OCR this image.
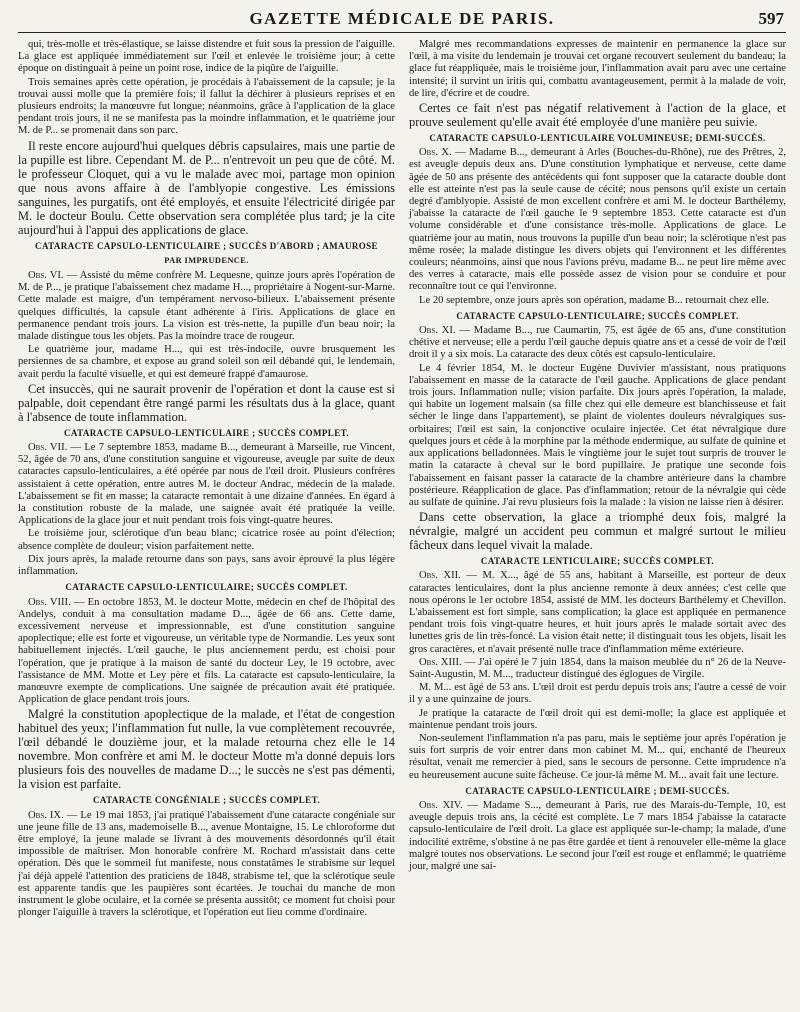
GAZETTE MÉDICALE DE PARIS.	597

qui, très-molle et très-élastique, se laisse distendre et fuit sous la pression de l'aiguille. La glace est appliquée immédiatement sur l'œil et enlevée le troisième jour; à cette époque on distinguait à peine un point rose, indice de la piqûre de l'aiguille.

Trois semaines après cette opération, je procédais à l'abaissement de la capsule; je la trouvai aussi molle que la première fois; il fallut la déchirer à plusieurs reprises et en plusieurs endroits; la manœuvre fut longue; néanmoins, grâce à l'application de la glace pendant trois jours, il ne se manifesta pas la moindre inflammation, et le quatrième jour M. de P... se promenait dans son parc.

Il reste encore aujourd'hui quelques débris capsulaires, mais une partie de la pupille est libre. Cependant M. de P... n'entrevoit un peu que de côté. M. le professeur Cloquet, qui a vu le malade avec moi, partage mon opinion que nous avons affaire à de l'amblyopie congestive. Les émissions sanguines, les purgatifs, ont été employés, et ensuite l'électricité dirigée par M. le docteur Boulu. Cette observation sera complétée plus tard; je la cite aujourd'hui à l'appui des applications de glace.

CATARACTE CAPSULO-LENTICULAIRE ; SUCCÈS D'ABORD ; AMAUROSE
PAR IMPRUDENCE.

Obs. VI. — Assisté du même confrère M. Lequesne, quinze jours après l'opération de M. de P..., je pratique l'abaissement chez madame H..., propriétaire à Nogent-sur-Marne. Cette malade est maigre, d'un tempérament nervoso-bilieux. L'abaissement présente quelques difficultés, la capsule étant adhérente à l'iris. Applications de glace en permanence pendant trois jours. La vision est très-nette, la pupille d'un beau noir; la malade distingue tous les objets. Pas la moindre trace de rougeur.

Le quatrième jour, madame H..., qui est très-indocile, ouvre brusquement les persiennes de sa chambre, et expose au grand soleil son œil débandé qui, le lendemain, avait perdu la faculté visuelle, et qui est demeuré frappé d'amaurose.

Cet insuccès, qui ne saurait provenir de l'opération et dont la cause est si palpable, doit cependant être rangé parmi les résultats dus à la glace, quant à l'absence de toute inflammation.

CATARACTE CAPSULO-LENTICULAIRE ; SUCCÈS COMPLET.

Obs. VII. — Le 7 septembre 1853, madame B..., demeurant à Marseille, rue Vincent, 52, âgée de 70 ans, d'une constitution sanguine et vigoureuse, aveugle par suite de deux cataractes capsulo-lenticulaires, a été opérée par nous de l'œil droit. Plusieurs confrères assistaient à cette opération, entre autres M. le docteur Andrac, médecin de la malade. L'abaissement se fit en masse; la cataracte remontait à une dizaine d'années. En égard à la constitution robuste de la malade, une saignée avait été pratiquée la veille. Applications de la glace jour et nuit pendant trois fois vingt-quatre heures.

Le troisième jour, sclérotique d'un beau blanc; cicatrice rosée au point d'élection; absence complète de douleur; vision parfaitement nette.

Dix jours après, la malade retourne dans son pays, sans avoir éprouvé la plus légère inflammation.

CATARACTE CAPSULO-LENTICULAIRE; SUCCÈS COMPLET.

Obs. VIII. — En octobre 1853, M. le docteur Motte, médecin en chef de l'hôpital des Andelys, conduit à ma consultation madame D..., âgée de 66 ans. Cette dame, excessivement nerveuse et impressionnable, est d'une constitution sanguine apoplectique; elle est forte et vigoureuse, un véritable type de Normandie. Les yeux sont habituellement injectés. L'œil gauche, le plus anciennement perdu, est choisi pour l'opération, que je pratique à la maison de santé du docteur Ley, le 19 octobre, avec l'assistance de MM. Motte et Ley père et fils. La cataracte est capsulo-lenticulaire, la manœuvre exempte de complications. Une saignée de précaution avait été pratiquée. Application de glace pendant trois jours.

Malgré la constitution apoplectique de la malade, et l'état de congestion habituel des yeux; l'inflammation fut nulle, la vue complètement recouvrée, l'œil débandé le douzième jour, et la malade retourna chez elle le 14 novembre. Mon confrère et ami M. le docteur Motte m'a donné depuis lors plusieurs fois des nouvelles de madame D...; le succès ne s'est pas démenti, la vision est parfaite.

CATARACTE CONGÉNIALE ; SUCCÈS COMPLET.

Obs. IX. — Le 19 mai 1853, j'ai pratiqué l'abaissement d'une cataracte congéniale sur une jeune fille de 13 ans, mademoiselle B..., avenue Montaigne, 15. Le chloroforme dut être employé, la jeune malade se livrant à des mouvements désordonnés qu'il était impossible de maîtriser. Mon honorable confrère M. Rochard m'assistait dans cette opération. Dès que le sommeil fut manifeste, nous constatâmes le strabisme sur lequel j'ai déjà appelé l'attention des praticiens de 1848, strabisme tel, que la sclérotique seule est apparente tandis que les paupières sont écartées. Je touchai du manche de mon instrument le globe oculaire, et la cornée se présenta aussitôt; ce moment fut choisi pour plonger l'aiguille à travers la sclérotique, et l'opération eut lieu comme d'ordinaire.

Malgré mes recommandations expresses de maintenir en permanence la glace sur l'œil, à ma visite du lendemain je trouvai cet organe recouvert seulement du bandeau; la glace fut réappliquée, mais le troisième jour, l'inflammation avait paru avec une certaine intensité; il survint un iritis qui, combattu avantageusement, permit à la malade de voir, de lire, d'écrire et de coudre.

Certes ce fait n'est pas négatif relativement à l'action de la glace, et prouve seulement qu'elle avait été employée d'une manière peu suivie.

CATARACTE CAPSULO-LENTICULAIRE VOLUMINEUSE; DEMI-SUCCÈS.

Obs. X. — Madame B..., demeurant à Arles (Bouches-du-Rhône), rue des Prêtres, 2, est aveugle depuis deux ans. D'une constitution lymphatique et nerveuse, cette dame âgée de 50 ans présente des antécédents qui font supposer que la cataracte double dont elle est atteinte n'est pas la seule cause de cécité; nous pensons qu'il existe un certain degré d'amblyopie. Assisté de mon excellent confrère et ami M. le docteur Barthélemy, j'abaisse la cataracte de l'œil gauche le 9 septembre 1853. Cette cataracte est d'un volume considérable et d'une consistance très-molle. Applications de glace. Le quatrième jour au matin, nous trouvons la pupille d'un beau noir; la sclérotique n'est pas même rosée; la malade distingue les divers objets qui l'environnent et les différentes couleurs; néanmoins, ainsi que nous l'avions prévu, madame B... ne peut lire même avec des verres à cataracte, mais elle possède assez de vision pour se conduire et pour reconnaître tout ce qui l'environne.

Le 20 septembre, onze jours après son opération, madame B... retournait chez elle.

CATARACTE CAPSULO-LENTICULAIRE; SUCCÈS COMPLET.

Obs. XI. — Madame B..., rue Caumartin, 75, est âgée de 65 ans, d'une constitution chétive et nerveuse; elle a perdu l'œil gauche depuis quatre ans et a cessé de voir de l'œil droit il y a six mois. La cataracte des deux côtés est capsulo-lenticulaire.

Le 4 février 1854, M. le docteur Eugène Duvivier m'assistant, nous pratiquons l'abaissement en masse de la cataracte de l'œil gauche. Applications de glace pendant trois jours. Inflammation nulle; vision parfaite. Dix jours après l'opération, la malade, qui habite un logement malsain (sa fille chez qui elle demeure est blanchisseuse et fait sécher le linge dans l'appartement), se plaint de violentes douleurs névralgiques sus-orbitaires; l'œil est sain, la conjonctive oculaire injectée. Cet état névralgique dure quelques jours et cède à la morphine par la méthode endermique, au sulfate de quinine et aux applications belladonnées. Mais le vingtième jour le sujet tout surpris de trouver le matin la cataracte à cheval sur le bord pupillaire. Je pratique une seconde fois l'abaissement en faisant passer la cataracte de la chambre antérieure dans la chambre postérieure. Réapplication de glace. Pas d'inflammation; retour de la névralgie qui cède au sulfate de quinine. J'ai revu plusieurs fois la malade : la vision ne laisse rien à désirer.

Dans cette observation, la glace a triomphé deux fois, malgré la névralgie, malgré un accident peu commun et malgré surtout le milieu fâcheux dans lequel vivait la malade.

CATARACTE LENTICULAIRE; SUCCÈS COMPLET.

Obs. XII. — M. X..., âgé de 55 ans, habitant à Marseille, est porteur de deux cataractes lenticulaires, dont la plus ancienne remonte à deux années; c'est celle que nous opérons le 1er octobre 1854, assisté de MM. les docteurs Barthélemy et Chevillon. L'abaissement est fort simple, sans complication; la glace est appliquée en permanence pendant trois fois vingt-quatre heures, et huit jours après le malade sortait avec des lunettes gris de lin très-foncé. La vision était nette; il distinguait tous les objets, lisait les gros caractères, et n'avait présenté nulle trace d'inflammation même extérieure.

Obs. XIII. — J'ai opéré le 7 juin 1854, dans la maison meublée du n° 26 de la Neuve-Saint-Augustin, M. M..., traducteur distingué des églogues de Virgile.

M. M... est âgé de 53 ans. L'œil droit est perdu depuis trois ans; l'autre a cessé de voir il y a une quinzaine de jours.

Je pratique la cataracte de l'œil droit qui est demi-molle; la glace est appliquée et maintenue pendant trois jours.

Non-seulement l'inflammation n'a pas paru, mais le septième jour après l'opération je suis fort surpris de voir entrer dans mon cabinet M. M... qui, enchanté de l'heureux résultat, venait me remercier à pied, sans le secours de personne. Cette imprudence n'a eu heureusement aucune suite fâcheuse. Ce jour-là même M. M... avait fait une lecture.

CATARACTE CAPSULO-LENTICULAIRE ; DEMI-SUCCÈS.

Obs. XIV. — Madame S..., demeurant à Paris, rue des Marais-du-Temple, 10, est aveugle depuis trois ans, la cécité est complète. Le 7 mars 1854 j'abaisse la cataracte capsulo-lenticulaire de l'œil droit. La glace est appliquée sur-le-champ; la malade, d'une indocilité extrême, s'obstine à ne pas être gardée et tient à renouveler elle-même la glace malgré toutes nos observations. Le second jour l'œil est rouge et enflammé; le quatrième jour, malgré une sai-
